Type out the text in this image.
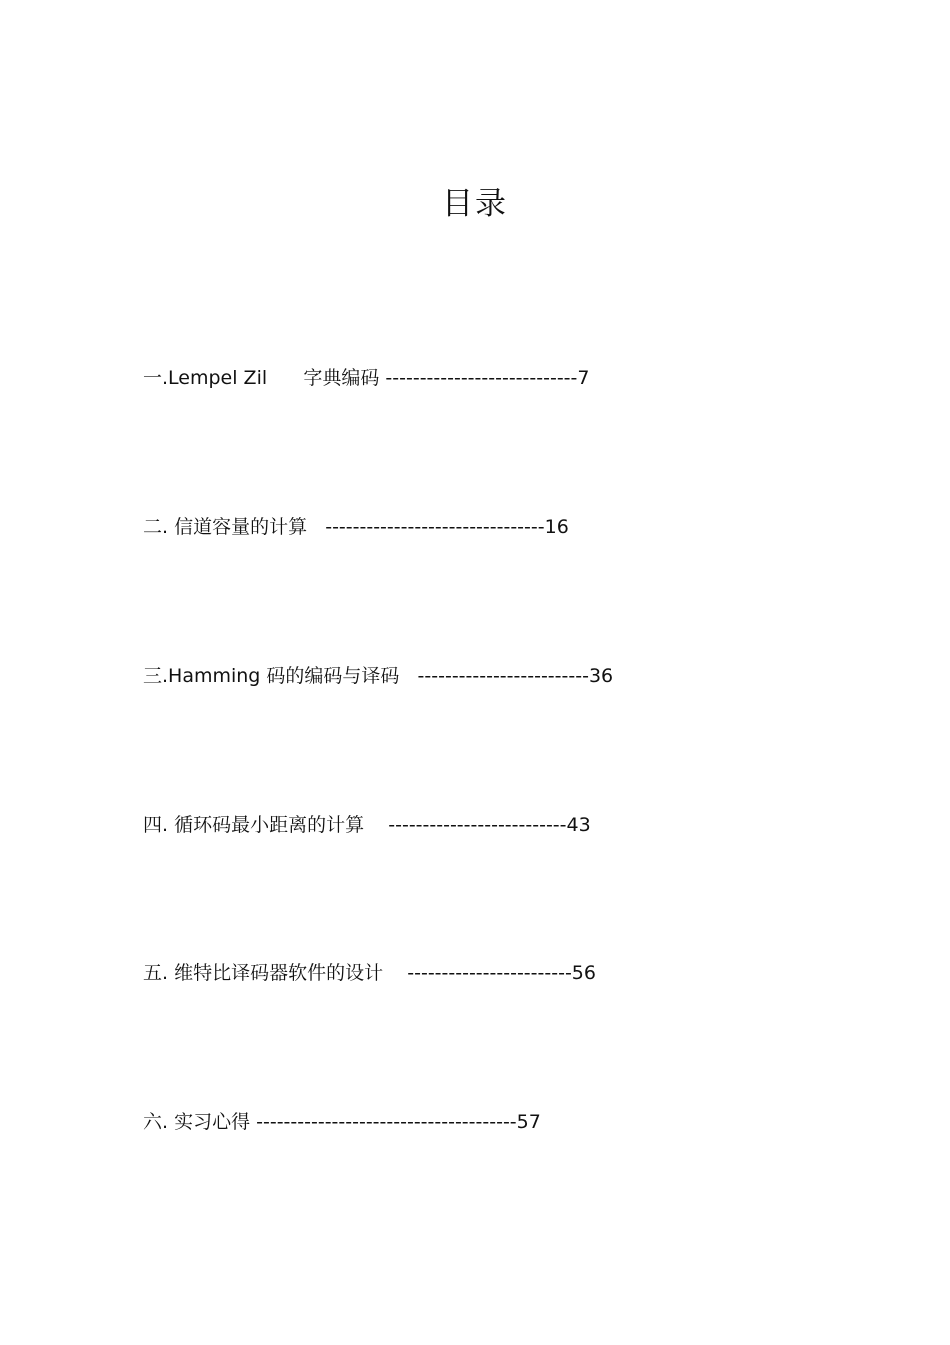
目录
一.Lempel Zil      字典编码 ----------------------------7
二. 信道容量的计算   --------------------------------16
三.Hamming 码的编码与译码   -------------------------36
四. 循环码最小距离的计算    --------------------------43
五. 维特比译码器软件的设计    ------------------------56
六. 实习心得 --------------------------------------57
